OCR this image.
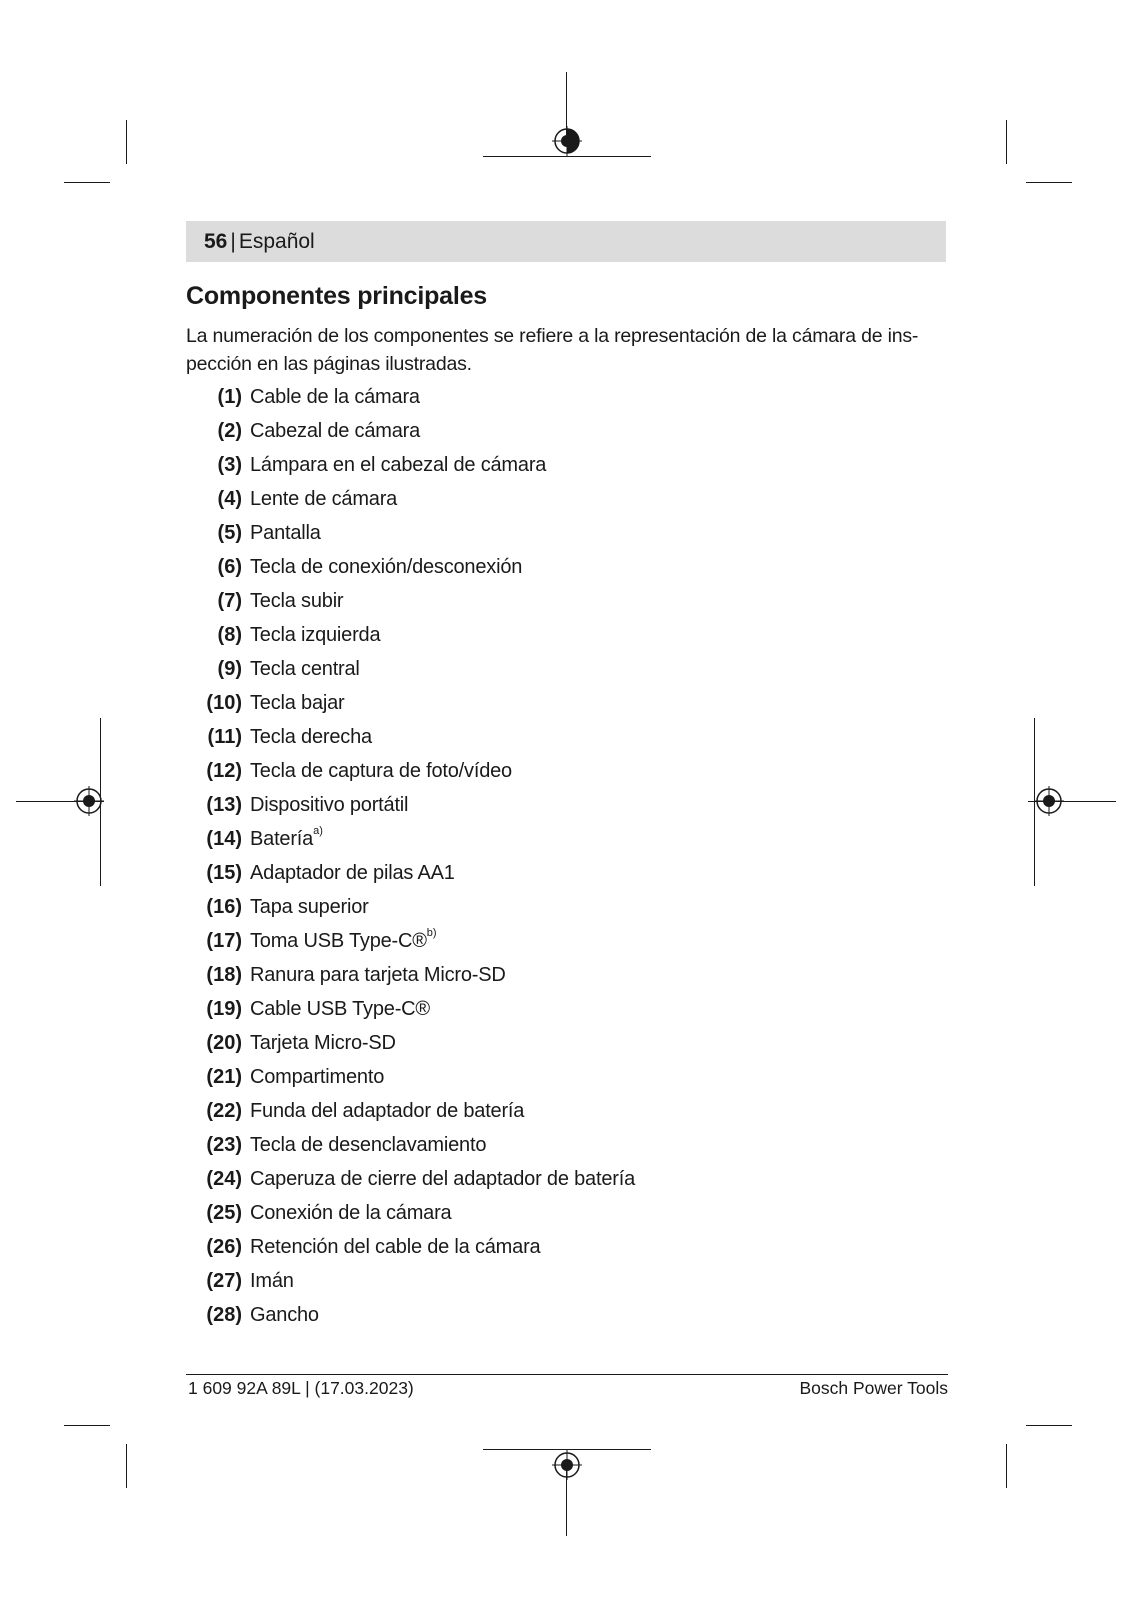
56 | Español
Componentes principales
La numeración de los componentes se refiere a la representación de la cámara de ins-
pección en las páginas ilustradas.
(1) Cable de la cámara
(2) Cabezal de cámara
(3) Lámpara en el cabezal de cámara
(4) Lente de cámara
(5) Pantalla
(6) Tecla de conexión/desconexión
(7) Tecla subir
(8) Tecla izquierda
(9) Tecla central
(10) Tecla bajar
(11) Tecla derecha
(12) Tecla de captura de foto/vídeo
(13) Dispositivo portátil
(14) Batería$^{a)}$
(15) Adaptador de pilas AA1
(16) Tapa superior
(17) Toma USB Type-C®$^{b)}$
(18) Ranura para tarjeta Micro-SD
(19) Cable USB Type-C®
(20) Tarjeta Micro-SD
(21) Compartimento
(22) Funda del adaptador de batería
(23) Tecla de desenclavamiento
(24) Caperuza de cierre del adaptador de batería
(25) Conexión de la cámara
(26) Retención del cable de la cámara
(27) Imán
(28) Gancho
1 609 92A 89L | (17.03.2023)	Bosch Power Tools
